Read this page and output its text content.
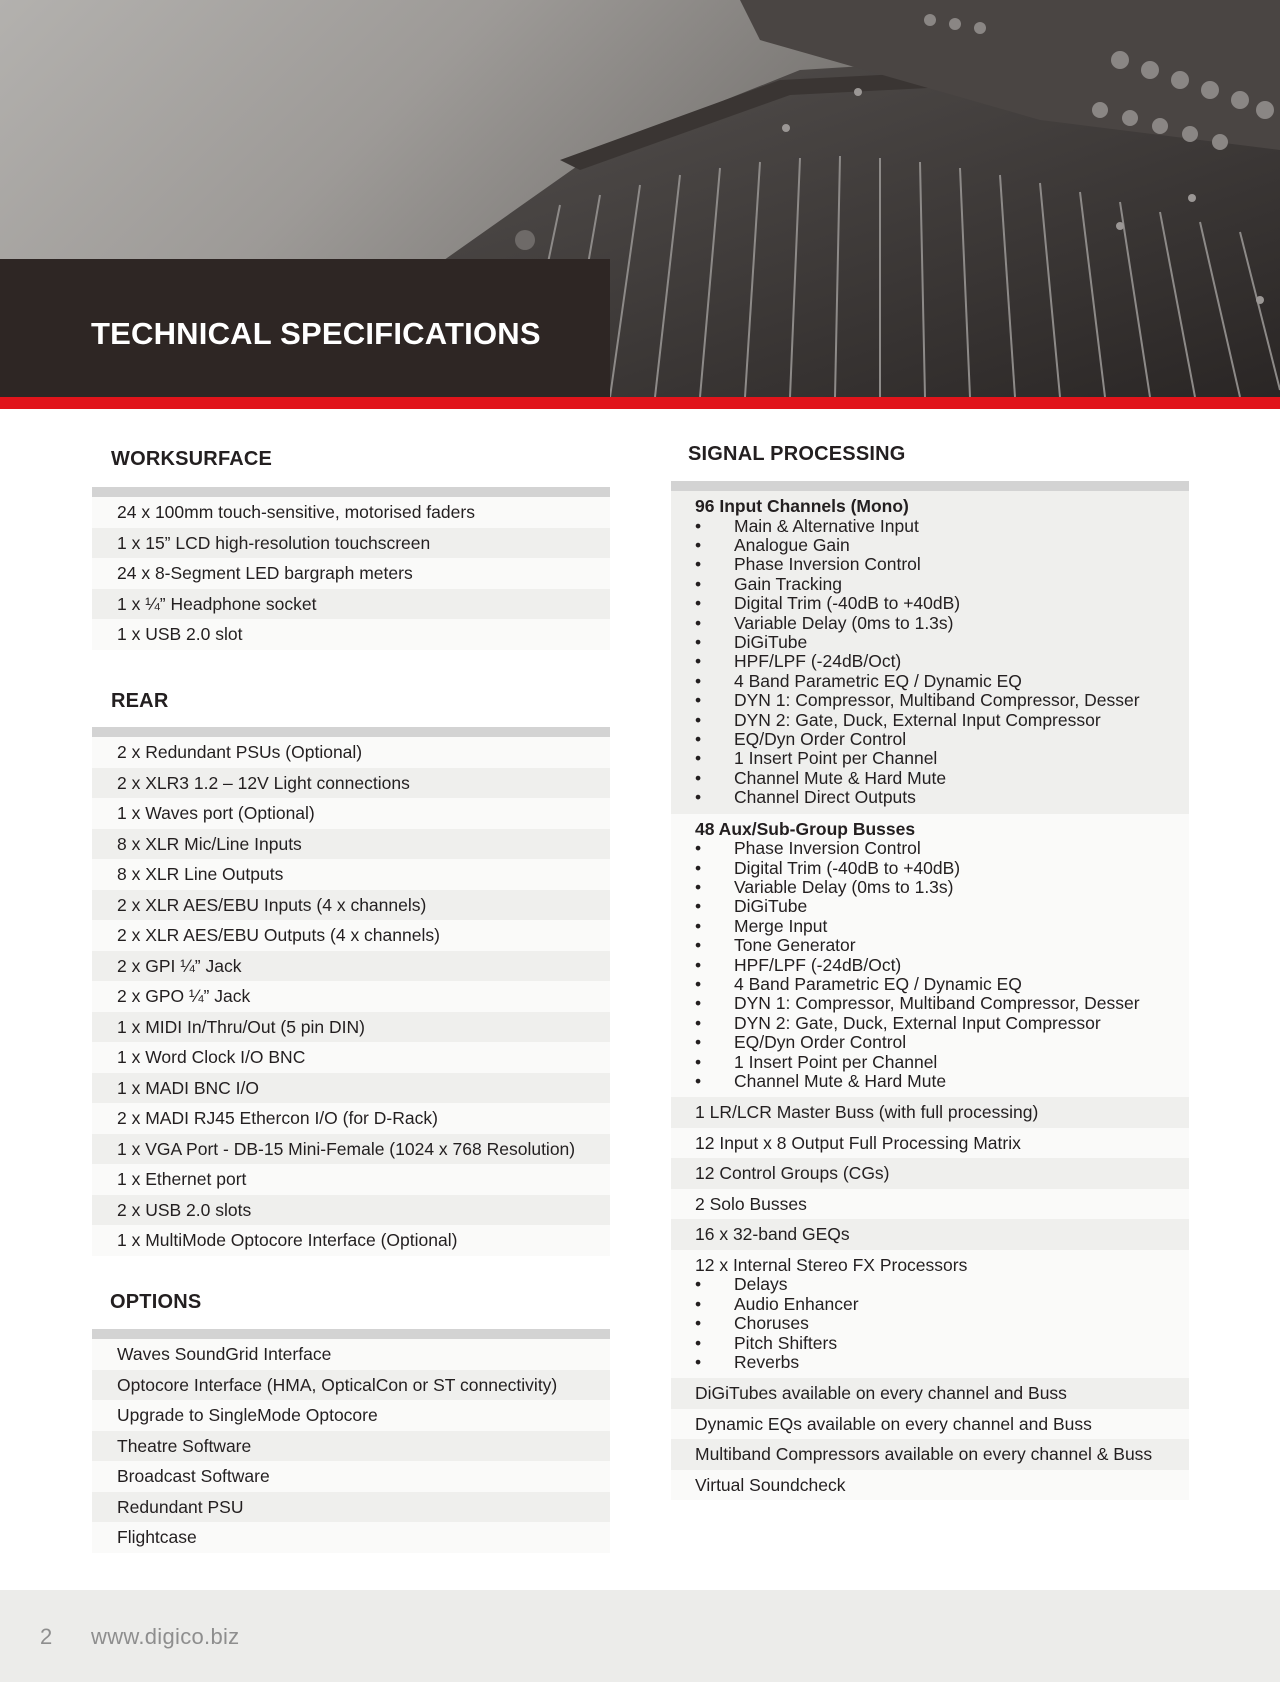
TECHNICAL SPECIFICATIONS
WORKSURFACE
24 x 100mm touch-sensitive, motorised faders
1 x 15” LCD high-resolution touchscreen
24 x 8-Segment LED bargraph meters
1 x ¼” Headphone socket
1 x USB 2.0 slot
REAR
2 x Redundant PSUs (Optional)
2 x XLR3 1.2 – 12V Light connections
1 x Waves port (Optional)
8 x XLR Mic/Line Inputs
8 x XLR Line Outputs
2 x XLR AES/EBU Inputs (4 x channels)
2 x XLR AES/EBU Outputs (4 x channels)
2 x GPI ¼” Jack
2 x GPO ¼” Jack
1 x MIDI In/Thru/Out (5 pin DIN)
1 x Word Clock I/O BNC
1 x MADI BNC I/O
2 x MADI RJ45 Ethercon I/O (for D-Rack)
1 x VGA Port - DB-15 Mini-Female (1024 x 768 Resolution)
1 x Ethernet port
2 x USB 2.0 slots
1 x MultiMode Optocore Interface (Optional)
OPTIONS
Waves SoundGrid Interface
Optocore Interface (HMA, OpticalCon or ST connectivity)
Upgrade to SingleMode Optocore
Theatre Software
Broadcast Software
Redundant PSU
Flightcase
SIGNAL PROCESSING
96 Input Channels (Mono)
• Main & Alternative Input
• Analogue Gain
• Phase Inversion Control
• Gain Tracking
• Digital Trim (-40dB to +40dB)
• Variable Delay (0ms to 1.3s)
• DiGiTube
• HPF/LPF (-24dB/Oct)
• 4 Band Parametric EQ / Dynamic EQ
• DYN 1: Compressor, Multiband Compressor, Desser
• DYN 2: Gate, Duck, External Input Compressor
• EQ/Dyn Order Control
• 1 Insert Point per Channel
• Channel Mute & Hard Mute
• Channel Direct Outputs
48 Aux/Sub-Group Busses
• Phase Inversion Control
• Digital Trim (-40dB to +40dB)
• Variable Delay (0ms to 1.3s)
• DiGiTube
• Merge Input
• Tone Generator
• HPF/LPF (-24dB/Oct)
• 4 Band Parametric EQ / Dynamic EQ
• DYN 1: Compressor, Multiband Compressor, Desser
• DYN 2: Gate, Duck, External Input Compressor
• EQ/Dyn Order Control
• 1 Insert Point per Channel
• Channel Mute & Hard Mute
1 LR/LCR Master Buss (with full processing)
12 Input x 8 Output Full Processing Matrix
12 Control Groups (CGs)
2 Solo Busses
16 x 32-band GEQs
12 x Internal Stereo FX Processors
• Delays
• Audio Enhancer
• Choruses
• Pitch Shifters
• Reverbs
DiGiTubes available on every channel and Buss
Dynamic EQs available on every channel and Buss
Multiband Compressors available on every channel & Buss
Virtual Soundcheck
2 www.digico.biz
